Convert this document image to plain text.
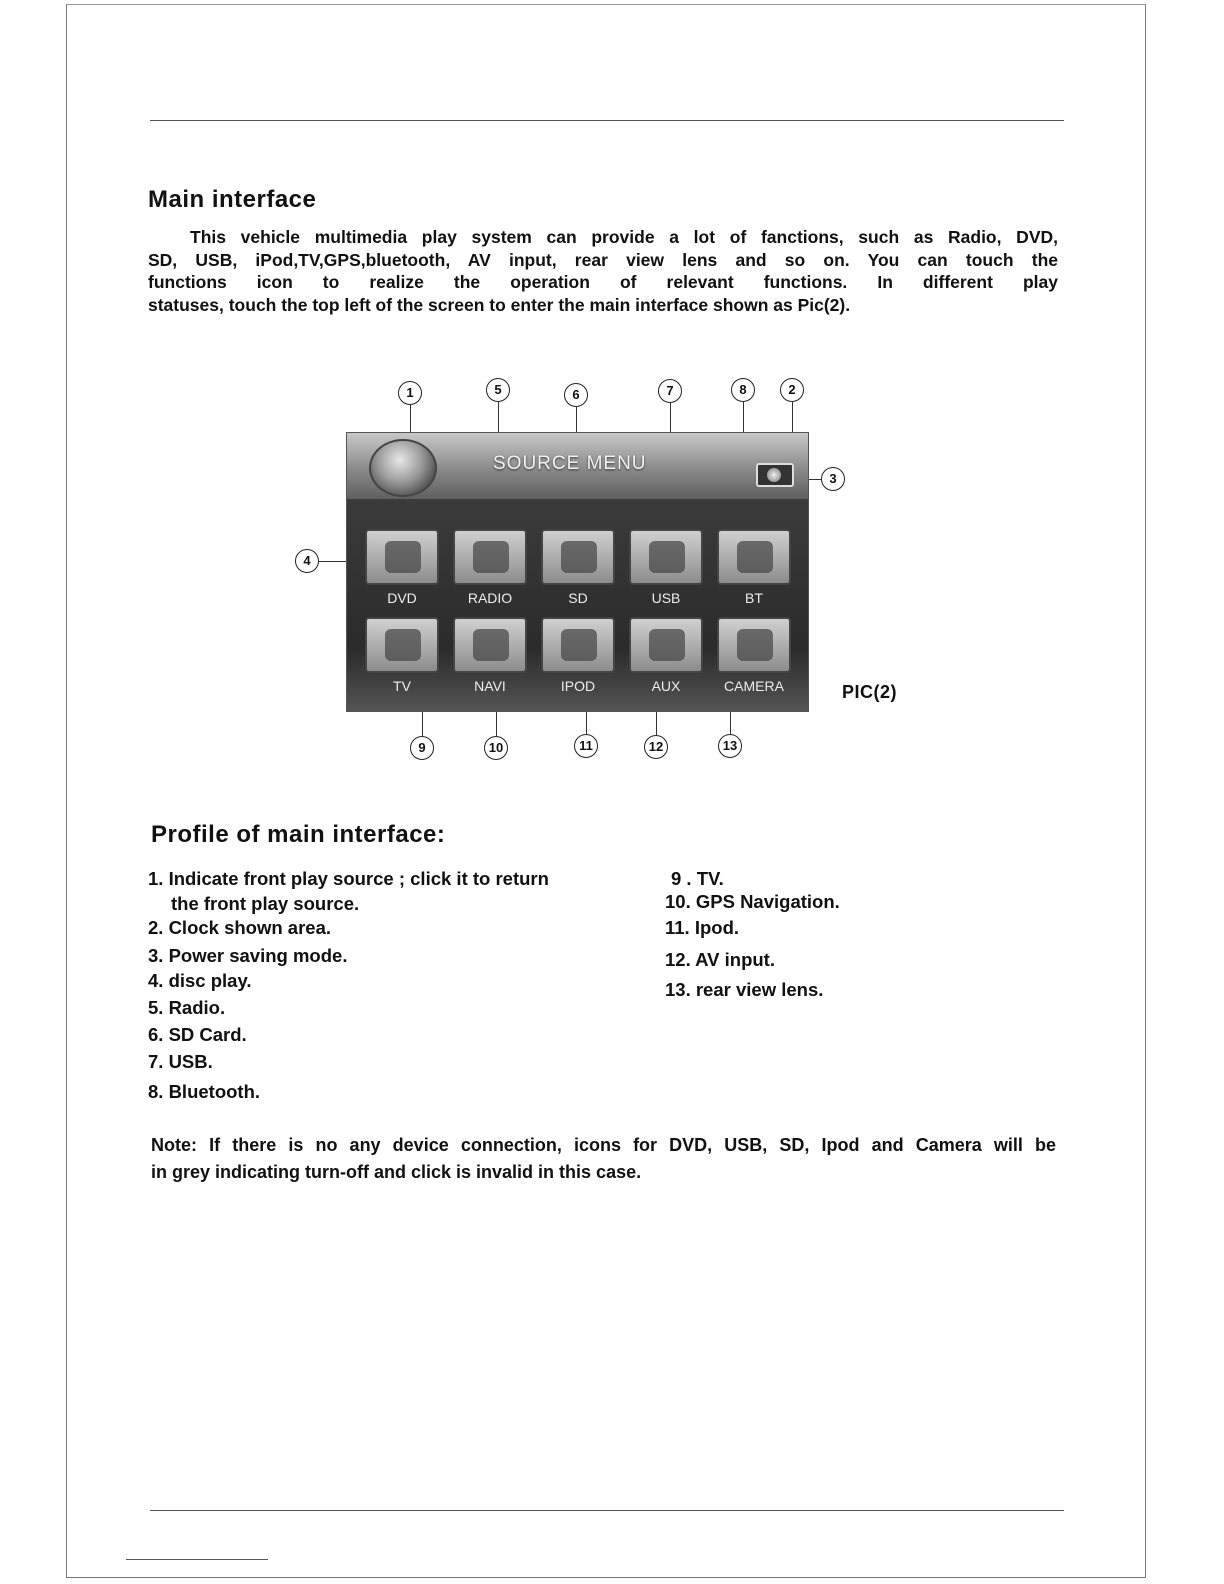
Main interface

This vehicle multimedia play system can provide a lot of fanctions, such as Radio, DVD,
SD, USB, iPod,TV,GPS,bluetooth, AV input, rear view lens and so on. You can touch the
functions icon to realize the operation of relevant functions. In different play
statuses, touch the top left of the screen to enter the main interface shown as Pic(2).

1	5	6	7	8	2
3
4
9	10	11	12	13
SOURCE MENU
DVD	RADIO	SD	USB	BT
TV	NAVI	IPOD	AUX	CAMERA	PIC(2)
Profile of main interface:
1. Indicate front play source ; click it to return
the front play source.
2. Clock shown area.
3. Power saving mode.
4. disc play.
5. Radio.
6. SD Card.
7. USB.
8. Bluetooth.
9 . TV.
10. GPS Navigation.
11. Ipod.
12. AV input.
13. rear view lens.

Note: If there is no any device connection, icons for DVD, USB, SD, Ipod and Camera will be
in grey indicating turn-off and click is invalid in this case.
